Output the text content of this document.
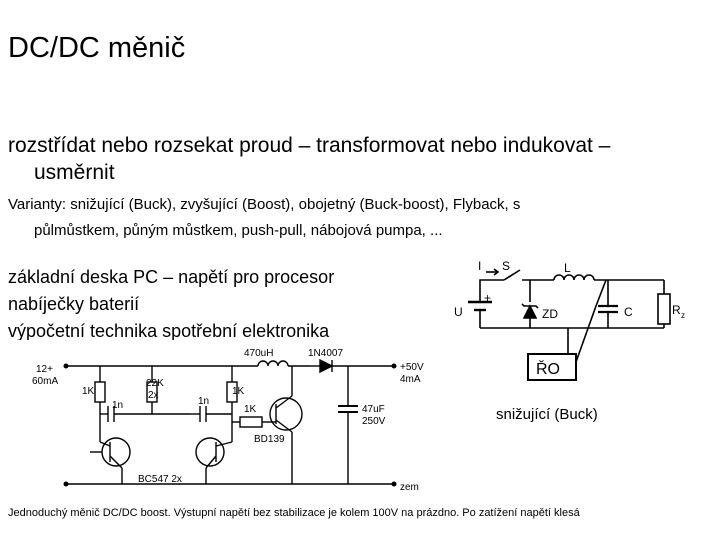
DC/DC měnič
rozstřídat nebo rozsekat proud – transformovat nebo indukovat –
usměrnit
Varianty: snižující (Buck), zvyšující (Boost), obojetný (Buck-boost), Flyback, s
půlmůstkem, půným můstkem, push-pull, nábojová pumpa, ...
základní deska PC – napětí pro procesor
nabíječky baterií
výpočetní technika spotřební elektronika
I S	L
U
+
ZD	C	R z
ŘO
12+
60mA
1K
1n
22K
2x
1n
1K
1K
470uH	1N4007
+50V
4mA
47uF
250V
BD139
BC547 2x
zem
snižující (Buck)
Jednoduchý měnič DC/DC boost. Výstupní napětí bez stabilizace je kolem 100V na prázdno. Po zatížení napětí klesá
